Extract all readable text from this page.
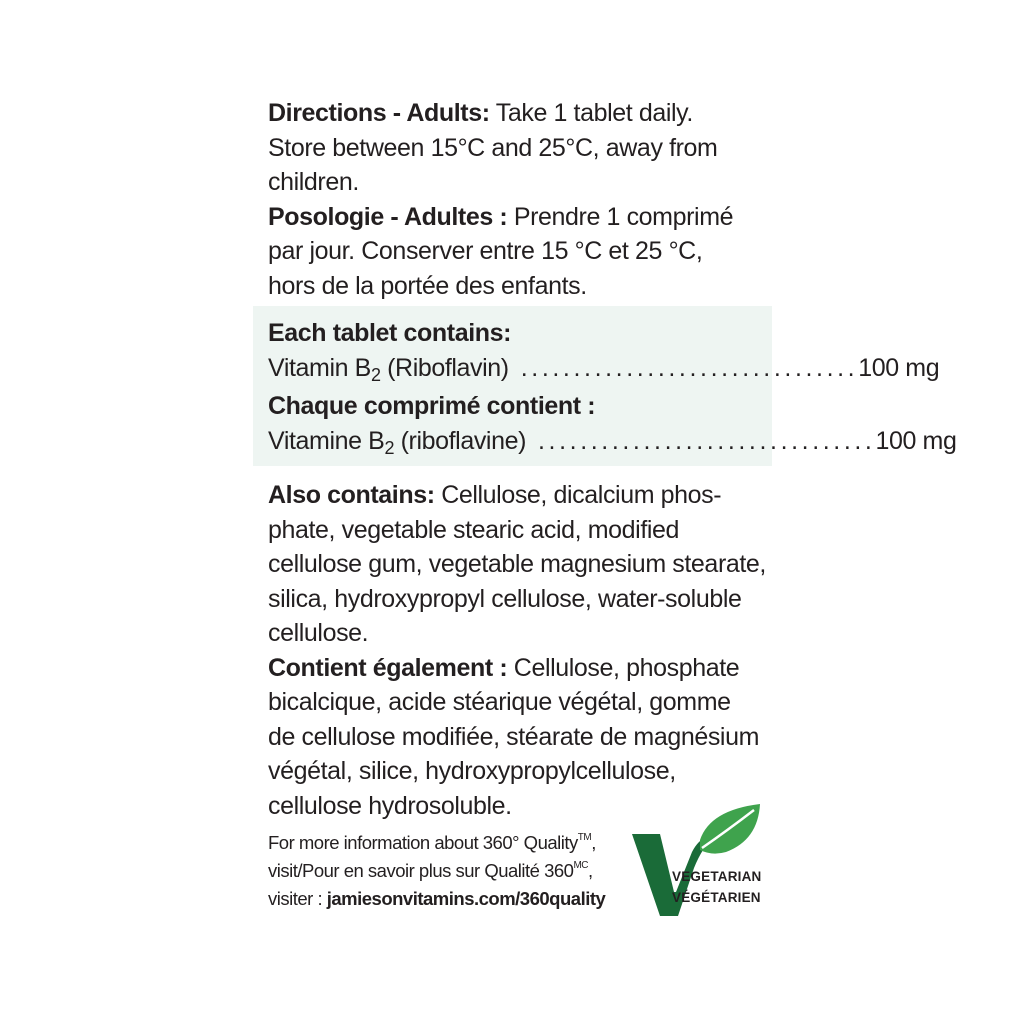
Directions - Adults: Take 1 tablet daily.

Store between 15°C and 25°C, away from

children.

Posologie - Adultes : Prendre 1 comprimé

par jour. Conserver entre 15 °C et 25 °C,

hors de la portée des enfants.

Each tablet contains:

Vitamin $B_2$ (Riboflavin) ................................ 100 mg

Chaque comprimé contient :

Vitamine $B_2$ (riboflavine) ................................ 100 mg

Also contains: Cellulose, dicalcium phos-

phate, vegetable stearic acid, modified

cellulose gum, vegetable magnesium stearate,

silica, hydroxypropyl cellulose, water-soluble

cellulose.

Contient également : Cellulose, phosphate

bicalcique, acide stéarique végétal, gomme

de cellulose modifiée, stéarate de magnésium

végétal, silice, hydroxypropylcellulose,

cellulose hydrosoluble.

For more information about 360° Quality™,

visit/Pour en savoir plus sur Qualité $360^{MC}$,

visiter : jamiesonvitamins.com/360quality

VEGETARIAN
VÉGÉTARIEN
